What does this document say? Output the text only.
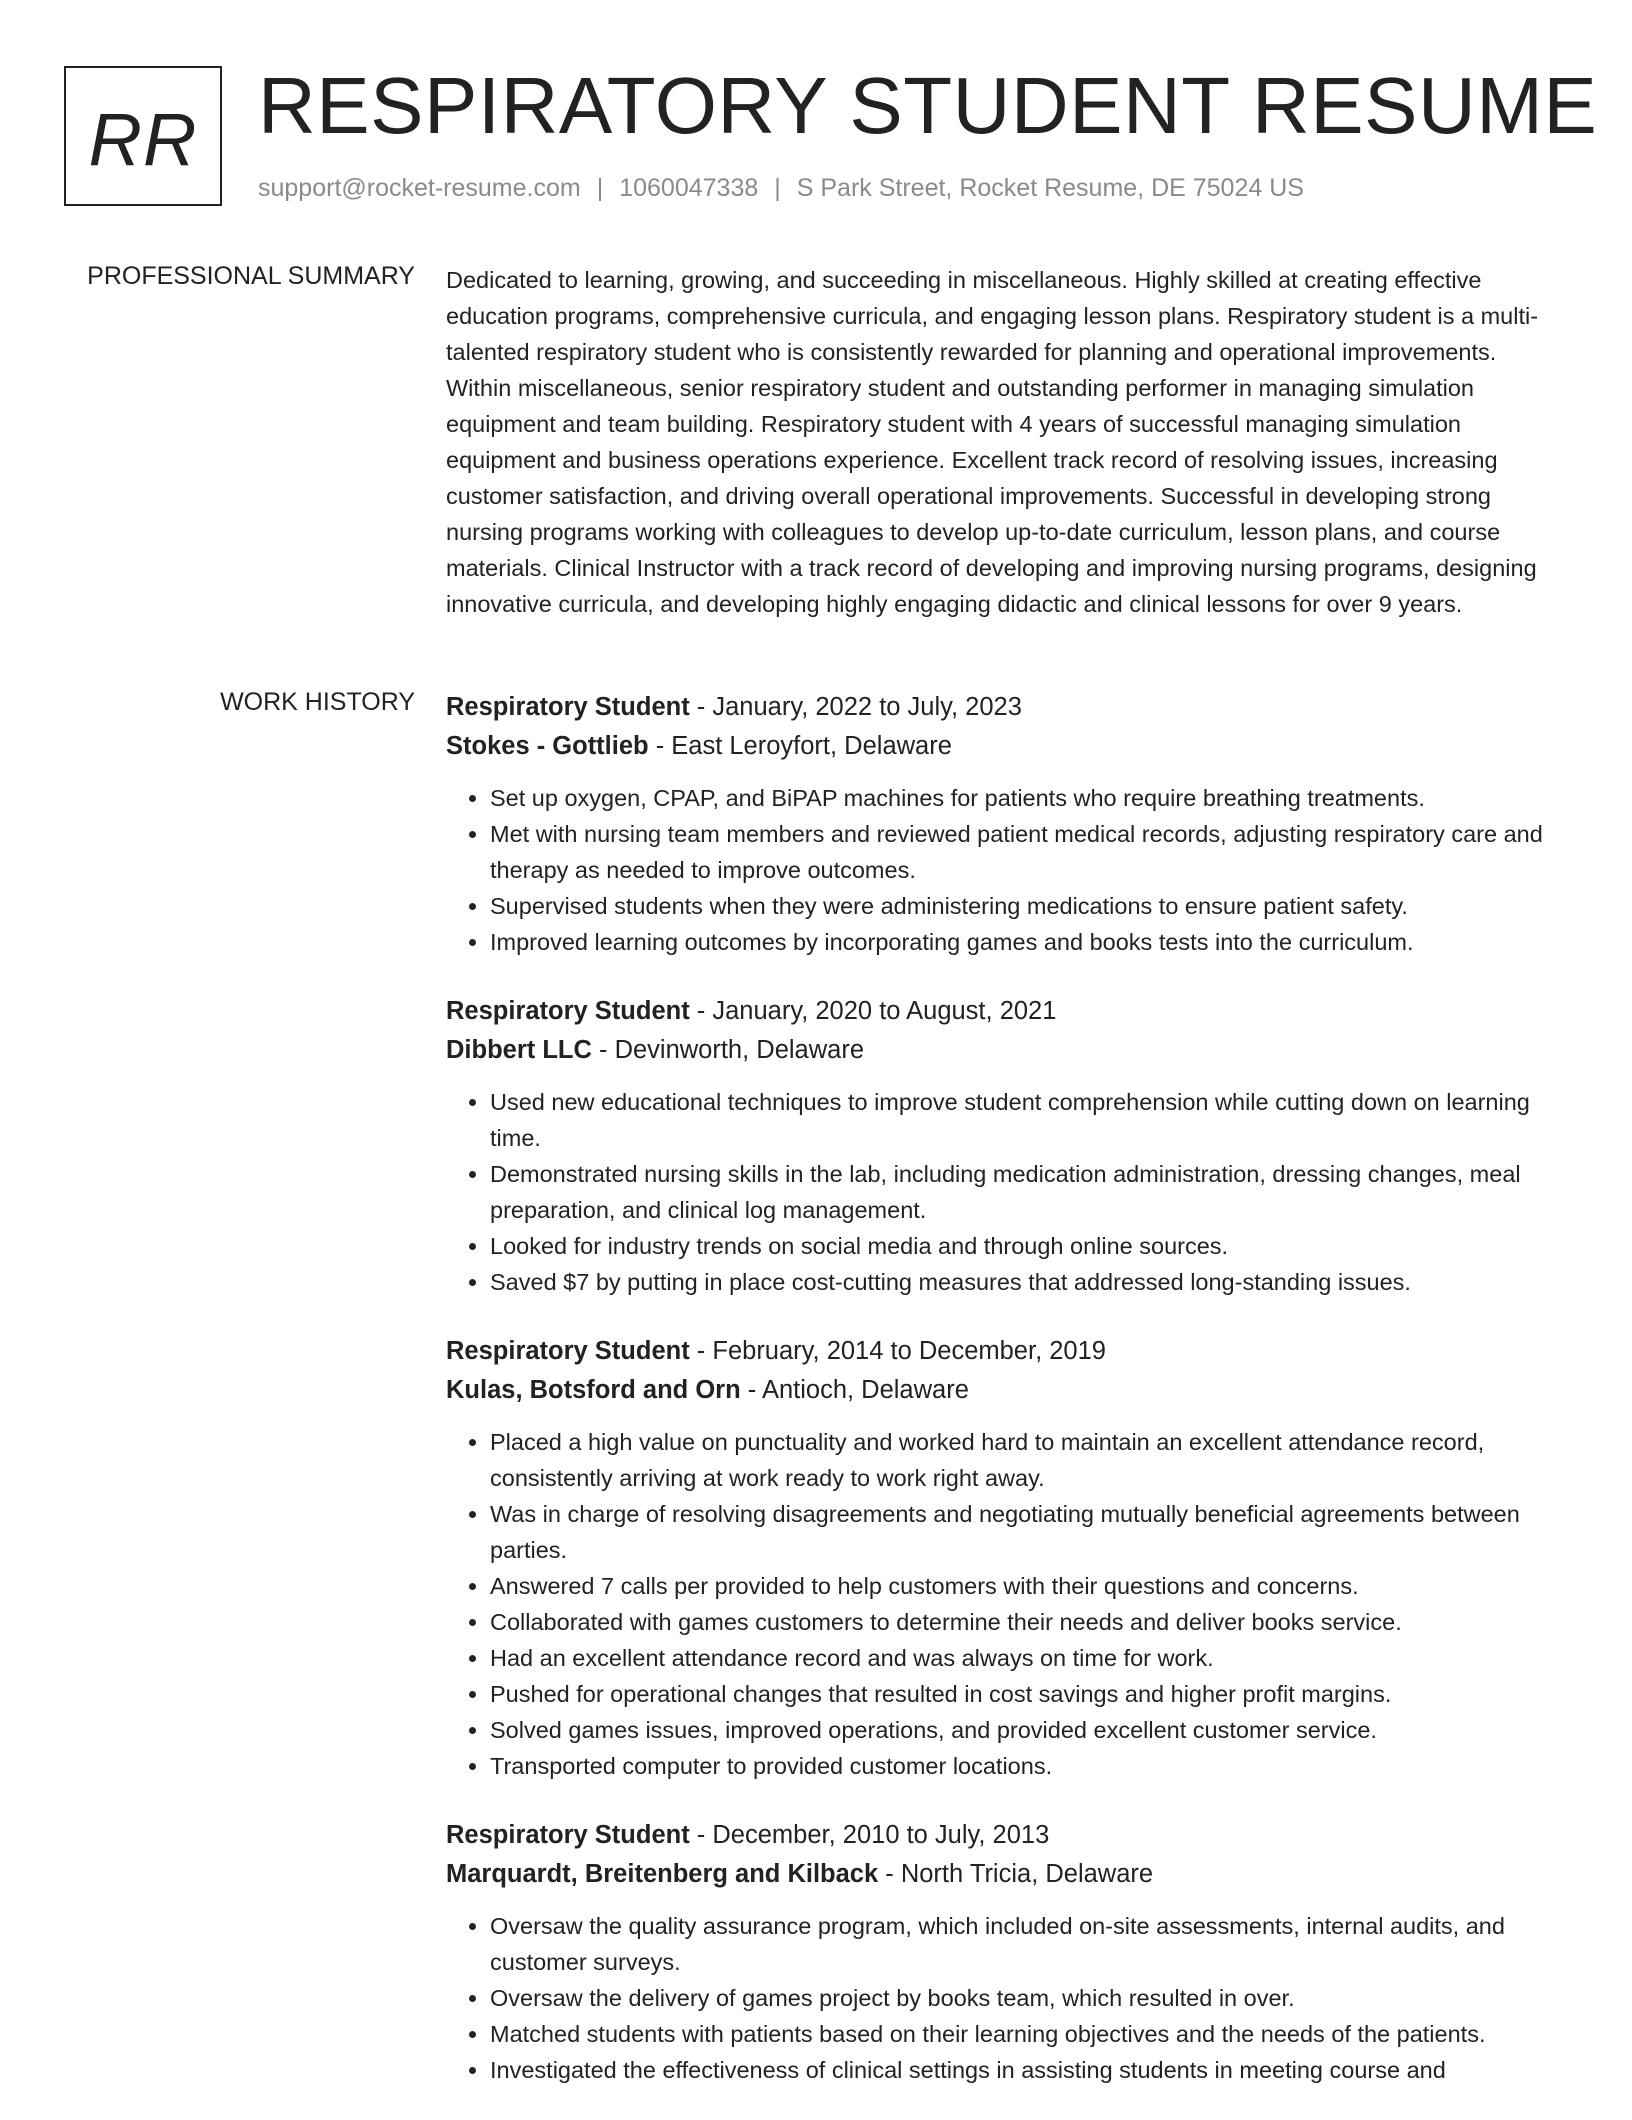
RR RESPIRATORY STUDENT RESUME
support@rocket-resume.com | 1060047338 | S Park Street, Rocket Resume, DE 75024 US
PROFESSIONAL SUMMARY Dedicated to learning, growing, and succeeding in miscellaneous. Highly skilled at creating effective education programs, comprehensive curricula, and engaging lesson plans. Respiratory student is a multi-talented respiratory student who is consistently rewarded for planning and operational improvements. Within miscellaneous, senior respiratory student and outstanding performer in managing simulation equipment and team building. Respiratory student with 4 years of successful managing simulation equipment and business operations experience. Excellent track record of resolving issues, increasing customer satisfaction, and driving overall operational improvements. Successful in developing strong nursing programs working with colleagues to develop up-to-date curriculum, lesson plans, and course materials. Clinical Instructor with a track record of developing and improving nursing programs, designing innovative curricula, and developing highly engaging didactic and clinical lessons for over 9 years.

WORK HISTORY Respiratory Student - January, 2022 to July, 2023
Stokes - Gottlieb - East Leroyfort, Delaware
• Set up oxygen, CPAP, and BiPAP machines for patients who require breathing treatments.
• Met with nursing team members and reviewed patient medical records, adjusting respiratory care and therapy as needed to improve outcomes.
• Supervised students when they were administering medications to ensure patient safety.
• Improved learning outcomes by incorporating games and books tests into the curriculum.
Respiratory Student - January, 2020 to August, 2021
Dibbert LLC - Devinworth, Delaware
• Used new educational techniques to improve student comprehension while cutting down on learning time.
• Demonstrated nursing skills in the lab, including medication administration, dressing changes, meal preparation, and clinical log management.
• Looked for industry trends on social media and through online sources.
• Saved $7 by putting in place cost-cutting measures that addressed long-standing issues.
Respiratory Student - February, 2014 to December, 2019
Kulas, Botsford and Orn - Antioch, Delaware
• Placed a high value on punctuality and worked hard to maintain an excellent attendance record, consistently arriving at work ready to work right away.
• Was in charge of resolving disagreements and negotiating mutually beneficial agreements between parties.
• Answered 7 calls per provided to help customers with their questions and concerns.
• Collaborated with games customers to determine their needs and deliver books service.
• Had an excellent attendance record and was always on time for work.
• Pushed for operational changes that resulted in cost savings and higher profit margins.
• Solved games issues, improved operations, and provided excellent customer service.
• Transported computer to provided customer locations.
Respiratory Student - December, 2010 to July, 2013
Marquardt, Breitenberg and Kilback - North Tricia, Delaware
• Oversaw the quality assurance program, which included on-site assessments, internal audits, and customer surveys.
• Oversaw the delivery of games project by books team, which resulted in over.
• Matched students with patients based on their learning objectives and the needs of the patients.
• Investigated the effectiveness of clinical settings in assisting students in meeting course and
